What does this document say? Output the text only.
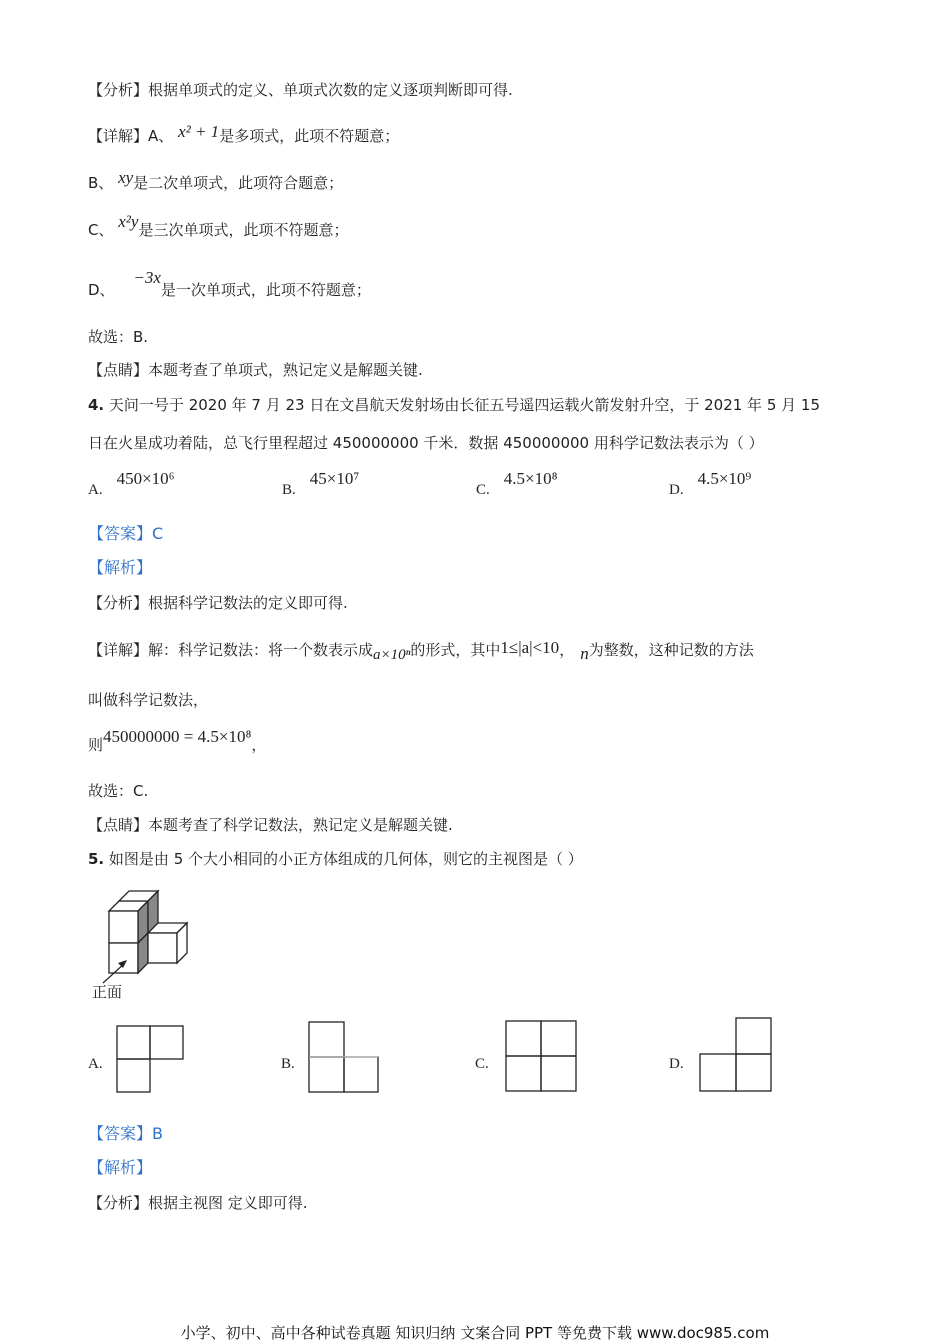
【分析】根据单项式的定义、单项式次数的定义逐项判断即可得.
【详解】A、 x² + 1是多项式，此项不符题意；
B、 xy是二次单项式，此项符合题意；
C、 x²y是三次单项式，此项不符题意；
D、 −3x是一次单项式，此项不符题意；
故选：B.
【点睛】本题考查了单项式，熟记定义是解题关键.
4. 天问一号于 2020 年 7 月 23 日在文昌航天发射场由长征五号遥四运载火箭发射升空，于 2021 年 5 月 15
日在火星成功着陆，总飞行里程超过 450000000 千米．数据 450000000 用科学记数法表示为（ ）
A.450×10⁶
B.45×10⁷
C.4.5×10⁸
D.4.5×10⁹
【答案】C
【解析】
【分析】根据科学记数法的定义即可得.
【详解】解：科学记数法：将一个数表示成a×10ⁿ的形式，其中1≤|a|<10， n为整数，这种记数的方法
叫做科学记数法，
则450000000 = 4.5×10⁸，
故选：C.
【点睛】本题考查了科学记数法，熟记定义是解题关键.
5. 如图是由 5 个大小相同的小正方体组成的几何体，则它的主视图是（ ）
正面
A.	B.	C.	D.
【答案】B
【解析】
【分析】根据主视图 定义即可得.
小学、初中、高中各种试卷真题 知识归纳 文案合同 PPT 等免费下载 www.doc985.com
